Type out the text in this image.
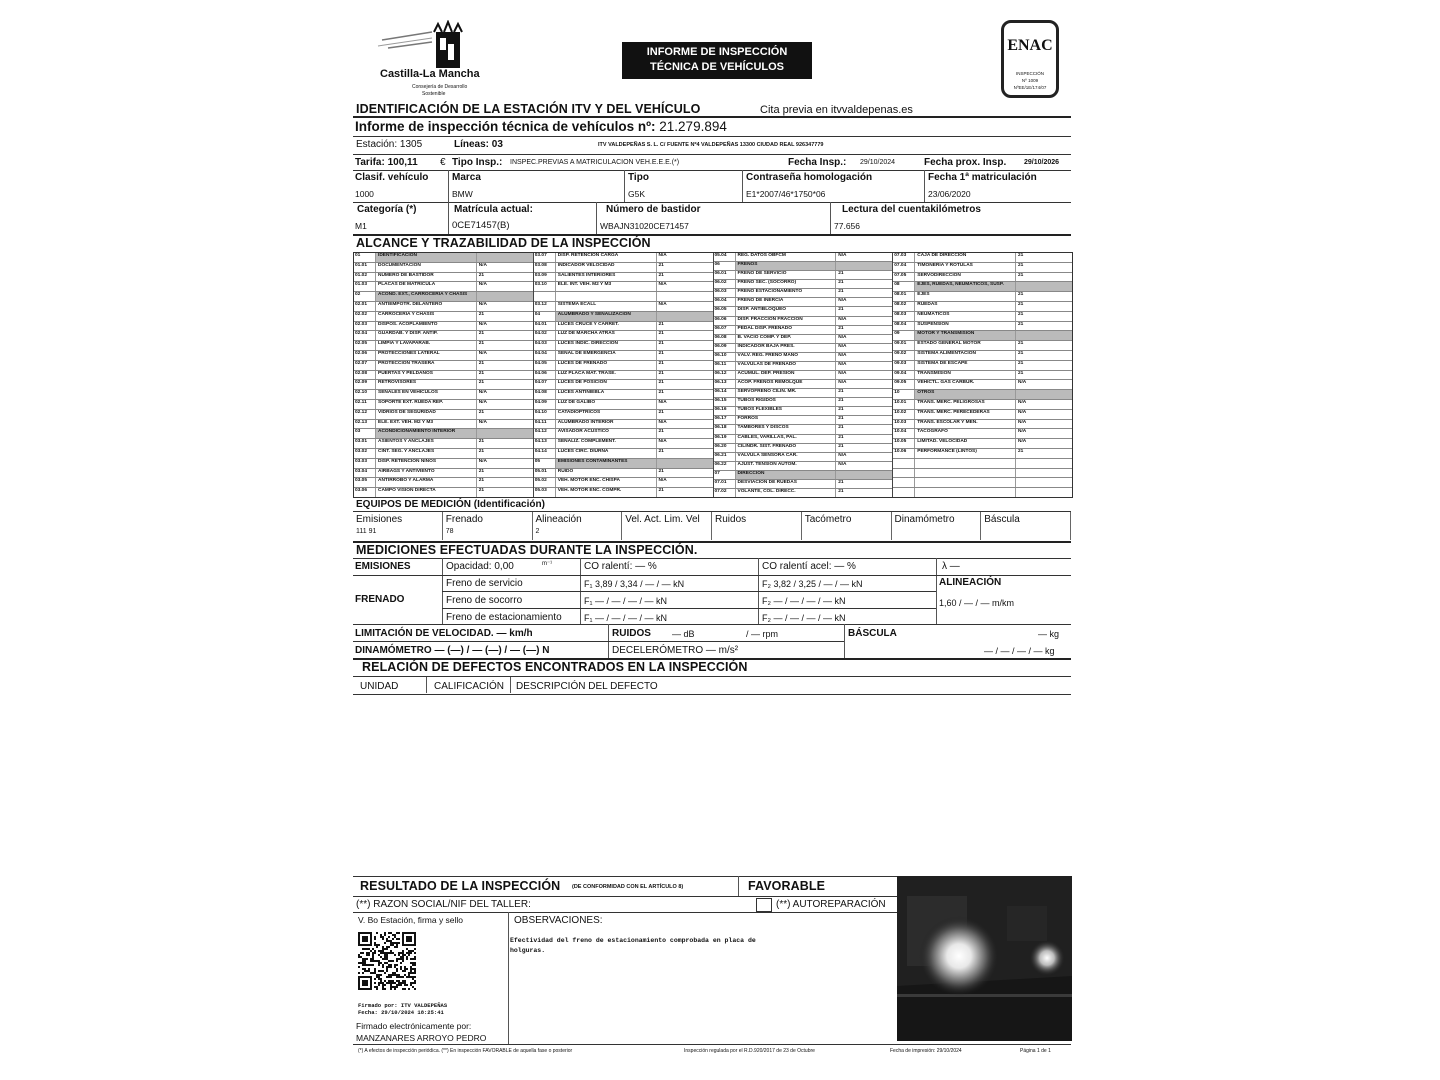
Castilla-La Mancha
Consejería de Desarrollo
Sostenible
INFORME DE INSPECCIÓN
TÉCNICA DE VEHÍCULOS
ENAC
INSPECCIÓN
Nº 1009
NºEE/1E/174/07
IDENTIFICACIÓN DE LA ESTACIÓN ITV Y DEL VEHÍCULO	Cita previa en itvvaldepenas.es
Informe de inspección técnica de vehículos nº: 21.279.894
Estación: 1305	Líneas: 03	ITV VALDEPEÑAS S. L. C/ FUENTE Nº4 VALDEPEÑAS 13300 CIUDAD REAL 926347779
Tarifa: 100,11 € Tipo Insp.: INSPEC.PREVIAS A MATRICULACION VEH.E.E.E.(*)	Fecha Insp.: 29/10/2024	Fecha prox. Insp.	29/10/2026
Clasif. vehículo
1000
Marca
BMW
Tipo
G5K
Contraseña homologación
E1*2007/46*1750*06
Fecha 1ª matriculación
23/06/2020
Categoría (*)
M1
Matrícula actual:
0CE71457(B)
Número de bastidor
WBAJN31020CE71457
Lectura del cuentakilómetros
77.656
ALCANCE Y TRAZABILIDAD DE LA INSPECCIÓN
01	IDENTIFICACIÓN
01.01	DOCUMENTACIÓN	N/A
01.02	NÚMERO DE BASTIDOR	21
01.03	PLACAS DE MATRÍCULA	N/A
02	ACOND. EXT., CARROCERÍA Y CHASIS
02.01	ANTIEMPOTR. DELANTERO	N/A
02.02	CARROCERÍA Y CHASIS	21
02.03	DISPOS. ACOPLAMIENTO	N/A
02.04	GUARDAB. Y DISP. ANTIP.	21
02.05	LIMPIA Y LAVAPARAB.	21
02.06	PROTECCIONES LATERAL	N/A
02.07	PROTECCIÓN TRASERA	21
02.08	PUERTAS Y PELDAÑOS	21
02.09	RETROVISORES	21
02.10	SEÑALES EN VEHÍCULOS	N/A
02.11	SOPORTE EXT. RUEDA REP.	N/A
02.12	VIDRIOS DE SEGURIDAD	21
02.13	ELE. EXT. VEH. M2 Y M3	N/A
03	ACONDICIONAMIENTO INTERIOR
03.01	ASIENTOS Y ANCLAJES	21
03.02	CINT. SEG. Y ANCLAJES	21
03.03	DISP. RETENCIÓN NIÑOS	N/A
03.04	AIRBAGS Y ANTIVIENTO	21
03.05	ANTIRROBO Y ALARMA	21
03.06	CAMPO VISIÓN DIRECTA	21
03.07	DISP. RETENCIÓN CARGA	N/A
03.08	INDICADOR VELOCIDAD	21
03.09	SALIENTES INTERIORES	21
03.10	ELE. INT. VEH. M2 Y M3	N/A
03.12	SISTEMA ECALL	N/A
04	ALUMBRADO Y SEÑALIZACIÓN
04.01	LUCES CRUCE Y CARRET.	21
04.02	LUZ DE MARCHA ATRÁS	21
04.03	LUCES INDIC. DIRECCIÓN	21
04.04	SEÑAL DE EMERGENCIA	21
04.05	LUCES DE FRENADO	21
04.06	LUZ PLACA MAT. TRASE.	21
04.07	LUCES DE POSICIÓN	21
04.08	LUCES ANTINIEBLA	21
04.09	LUZ DE GÁLIBO	N/A
04.10	CATADIÓPTRICOS	21
04.11	ALUMBRADO INTERIOR	N/A
04.12	AVISADOR ACÚSTICO	21
04.13	SEÑALIZ. COMPLEMENT.	N/A
04.14	LUCES CIRC. DIURNA	21
05	EMISIONES CONTAMINANTES
05.01	RUIDO	21
05.02	VEH. MOTOR ENC. CHISPA	N/A
05.03	VEH. MOTOR ENC. COMPR.	21
05.04	REG. DATOS OBFCM	N/A
06	FRENOS
06.01	FRENO DE SERVICIO	21
06.02	FRENO SEC. (SOCORRO)	21
06.03	FRENO ESTACIONAMIENTO	21
06.04	FRENO DE INERCIA	N/A
06.05	DISP. ANTIBLOQUEO	21
06.06	DISP. FRACCIÓN FRACCIÓN	N/A
06.07	PEDAL DISP. FRENADO	21
06.08	B. VACÍO COMP. Y DEP.	N/A
06.09	INDICADOR BAJA PRES.	N/A
06.10	VÁLV. REG. FRENO MANO	N/A
06.11	VÁLVULAS DE FRENADO	N/A
06.12	ACUMUL. DEP. PRESIÓN	N/A
06.13	ACOP. FRENOS REMOLQUE	N/A
06.14	SERVOFRENO CILIN. MR.	21
06.15	TUBOS RÍGIDOS	21
06.16	TUBOS FLEXIBLES	21
06.17	FORROS	21
06.18	TAMBORES Y DISCOS	21
06.19	CABLES, VARILLAS, PAL.	21
06.20	CILINDR. SIST. FRENADO	21
06.21	VÁLVULA SENSORA CAR.	N/A
06.22	AJUST. TENSIÓN AUTOM.	N/A
07	DIRECCIÓN
07.01	DESVIACIÓN DE RUEDAS	21
07.02	VOLANTE, COL. DIRECC.	21
07.03	CAJA DE DIRECCIÓN	21
07.04	TIMONERÍA Y RÓTULAS	21
07.05	SERVODIRECCIÓN	21
08	EJES, RUEDAS, NEUMÁTICOS, SUSP.
08.01	EJES	21
08.02	RUEDAS	21
08.03	NEUMÁTICOS	21
08.04	SUSPENSIÓN	21
09	MOTOR Y TRANSMISIÓN
09.01	ESTADO GENERAL MOTOR	21
09.02	SISTEMA ALIMENTACIÓN	21
09.03	SISTEMA DE ESCAPE	21
09.04	TRANSMISIÓN	21
09.05	VEHÍCTL. GAS CARBUR.	N/A
10	OTROS
10.01	TRANS. MERC. PELIGROSAS	N/A
10.02	TRANS. MERC. PERECEDERAS	N/A
10.03	TRANS. ESCOLAR Y MEN.	N/A
10.04	TACÓGRAFO	N/A
10.05	LIMITAD. VELOCIDAD	N/A
10.06	PERFORMANCE (LINTOS)	21
EQUIPOS DE MEDICIÓN (Identificación)
Emisiones
111 91
Frenado
78
Alineación
2
Vel. Act. Lim. Vel Ruidos	Tacómetro	Dinamómetro	Báscula
MEDICIONES EFECTUADAS DURANTE LA INSPECCIÓN.
EMISIONES	Opacidad: 0,00	m⁻¹	CO ralentí: — %	CO ralentí acel: — %	λ —
FRENADO
Freno de servicio	F₁ 3,89 / 3,34 / — / — kN	F₂ 3,82 / 3,25 / — / — kN	ALINEACIÓN
Freno de socorro	F₁ — / — / — / — kN	F₂ — / — / — / — kN	1,60 / — / — m/km
Freno de estacionamiento F₁ — / — / — / — kN	F₂ — / — / — / — kN
LIMITACIÓN DE VELOCIDAD. — km/h	RUIDOS — dB	/ — rpm	BÁSCULA	— kg
DINAMÓMETRO — (—) / — (—) / — (—) N	DECELERÓMETRO — m/s²	— / — / — / — kg
RELACIÓN DE DEFECTOS ENCONTRADOS EN LA INSPECCIÓN
UNIDAD	CALIFICACIÓN DESCRIPCIÓN DEL DEFECTO
RESULTADO DE LA INSPECCIÓN (DE CONFORMIDAD CON EL ARTÍCULO 8)	FAVORABLE
(**) RAZON SOCIAL/NIF DEL TALLER:	(**) AUTOREPARACIÓN
V. Bo Estación, firma y sello	OBSERVACIONES:
Efectividad del freno de estacionamiento comprobada en placa de
holguras.
Firmado por: ITV VALDEPEÑAS
Fecha: 29/10/2024 18:25:41
Firmado electrónicamente por:
MANZANARES ARROYO PEDRO
(*) A efectos de inspección periódica. (**) En inspección FAVORABLE de aquella fase o posterior	Inspección regulada por el R.D.920/2017 de 23 de Octubre	Fecha de impresión: 29/10/2024	Página 1 de 1
